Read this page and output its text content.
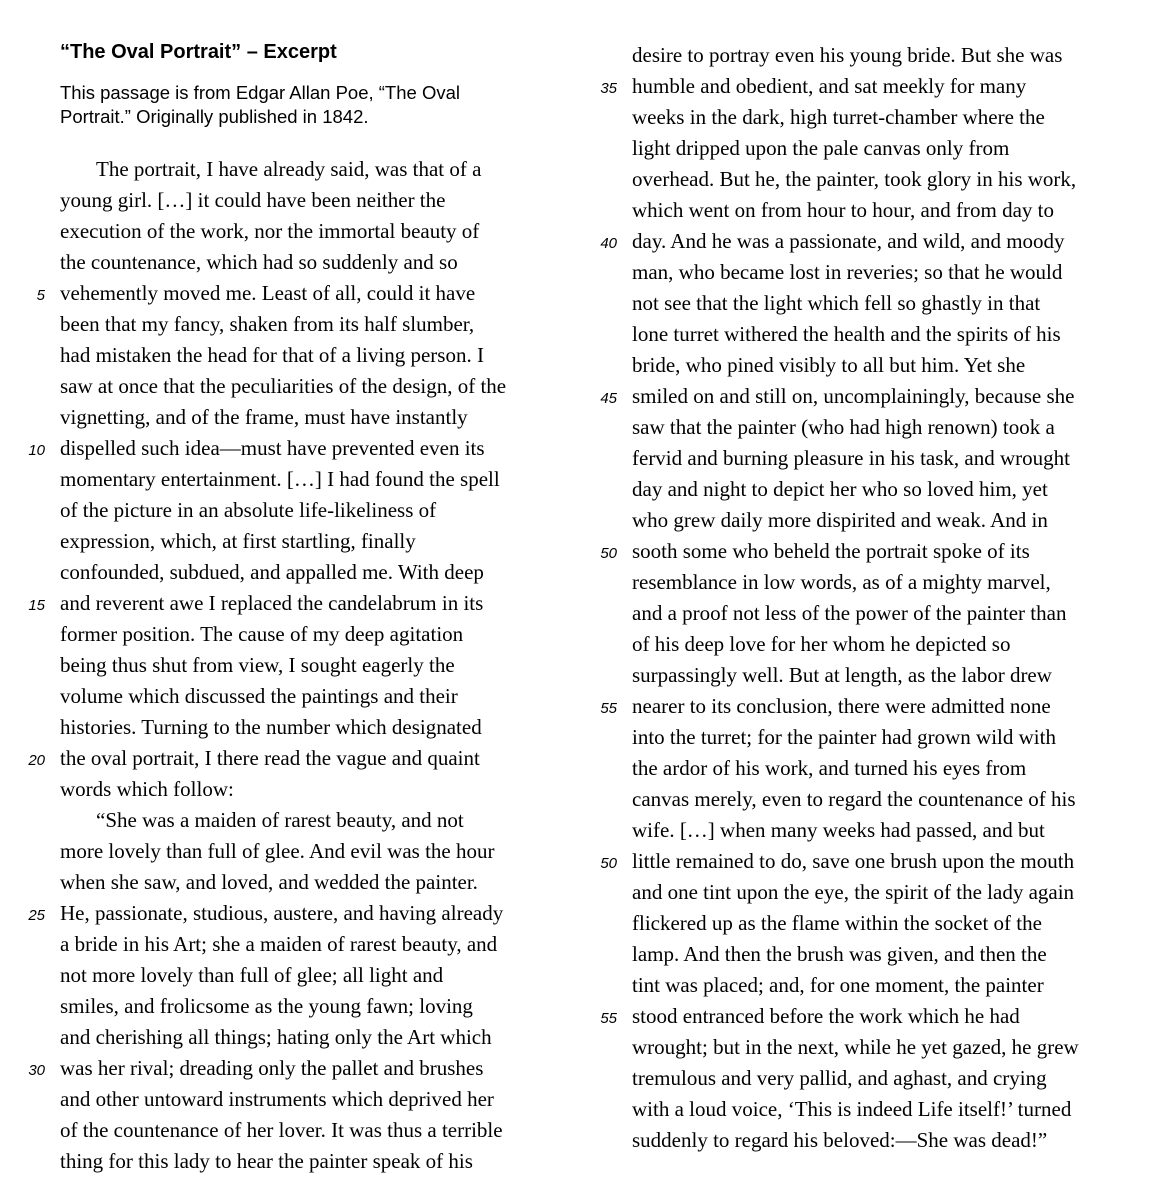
“The Oval Portrait” – Excerpt
This passage is from Edgar Allan Poe, “The Oval
Portrait.” Originally published in 1842.
The portrait, I have already said, was that of a
young girl. […] it could have been neither the
execution of the work, nor the immortal beauty of
the countenance, which had so suddenly and so
5 vehemently moved me. Least of all, could it have
been that my fancy, shaken from its half slumber,
had mistaken the head for that of a living person. I
saw at once that the peculiarities of the design, of the
vignetting, and of the frame, must have instantly
10 dispelled such idea—must have prevented even its
momentary entertainment. […] I had found the spell
of the picture in an absolute life-likeliness of
expression, which, at first startling, finally
confounded, subdued, and appalled me. With deep
15 and reverent awe I replaced the candelabrum in its
former position. The cause of my deep agitation
being thus shut from view, I sought eagerly the
volume which discussed the paintings and their
histories. Turning to the number which designated
20 the oval portrait, I there read the vague and quaint
words which follow:
“She was a maiden of rarest beauty, and not
more lovely than full of glee. And evil was the hour
when she saw, and loved, and wedded the painter.
25 He, passionate, studious, austere, and having already
a bride in his Art; she a maiden of rarest beauty, and
not more lovely than full of glee; all light and
smiles, and frolicsome as the young fawn; loving
and cherishing all things; hating only the Art which
30 was her rival; dreading only the pallet and brushes
and other untoward instruments which deprived her
of the countenance of her lover. It was thus a terrible
thing for this lady to hear the painter speak of his
desire to portray even his young bride. But she was
35 humble and obedient, and sat meekly for many
weeks in the dark, high turret-chamber where the
light dripped upon the pale canvas only from
overhead. But he, the painter, took glory in his work,
which went on from hour to hour, and from day to
40 day. And he was a passionate, and wild, and moody
man, who became lost in reveries; so that he would
not see that the light which fell so ghastly in that
lone turret withered the health and the spirits of his
bride, who pined visibly to all but him. Yet she
45 smiled on and still on, uncomplainingly, because she
saw that the painter (who had high renown) took a
fervid and burning pleasure in his task, and wrought
day and night to depict her who so loved him, yet
who grew daily more dispirited and weak. And in
50 sooth some who beheld the portrait spoke of its
resemblance in low words, as of a mighty marvel,
and a proof not less of the power of the painter than
of his deep love for her whom he depicted so
surpassingly well. But at length, as the labor drew
55 nearer to its conclusion, there were admitted none
into the turret; for the painter had grown wild with
the ardor of his work, and turned his eyes from
canvas merely, even to regard the countenance of his
wife. […] when many weeks had passed, and but
50 little remained to do, save one brush upon the mouth
and one tint upon the eye, the spirit of the lady again
flickered up as the flame within the socket of the
lamp. And then the brush was given, and then the
tint was placed; and, for one moment, the painter
55 stood entranced before the work which he had
wrought; but in the next, while he yet gazed, he grew
tremulous and very pallid, and aghast, and crying
with a loud voice, ‘This is indeed Life itself!’ turned
suddenly to regard his beloved:—She was dead!”
